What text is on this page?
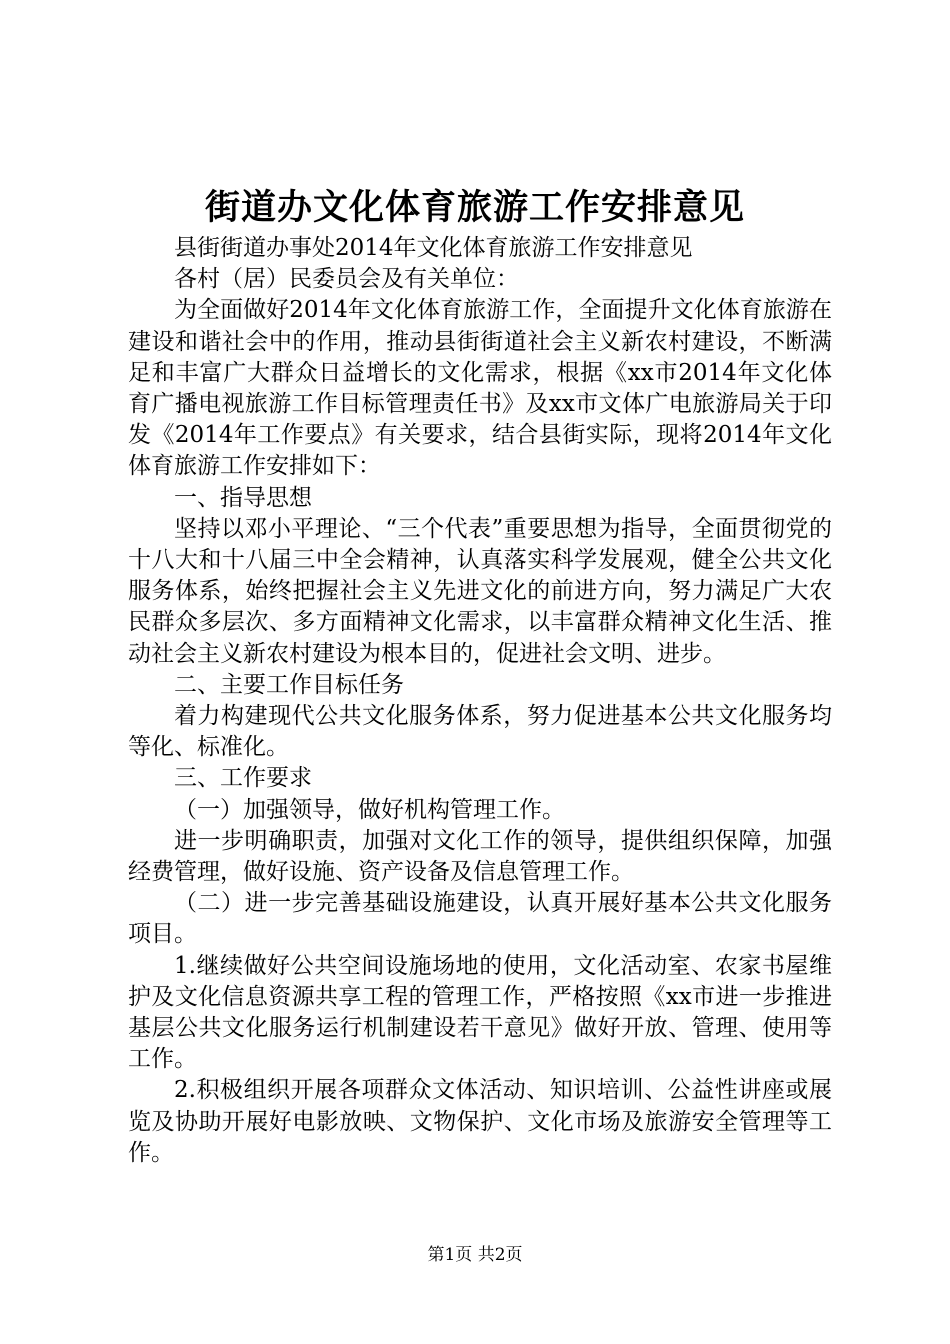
街道办文化体育旅游工作安排意见

县街街道办事处2014年文化体育旅游工作安排意见

各村（居）民委员会及有关单位：

为全面做好2014年文化体育旅游工作，全面提升文化体育旅游在建设和谐社会中的作用，推动县街街道社会主义新农村建设，不断满足和丰富广大群众日益增长的文化需求，根据《xx市2014年文化体育广播电视旅游工作目标管理责任书》及xx市文体广电旅游局关于印发《2014年工作要点》有关要求，结合县街实际，现将2014年文化体育旅游工作安排如下：

一、指导思想

坚持以邓小平理论、“三个代表”重要思想为指导，全面贯彻党的十八大和十八届三中全会精神，认真落实科学发展观，健全公共文化服务体系，始终把握社会主义先进文化的前进方向，努力满足广大农民群众多层次、多方面精神文化需求，以丰富群众精神文化生活、推动社会主义新农村建设为根本目的，促进社会文明、进步。

二、主要工作目标任务

着力构建现代公共文化服务体系，努力促进基本公共文化服务均等化、标准化。

三、工作要求

（一）加强领导，做好机构管理工作。

进一步明确职责，加强对文化工作的领导，提供组织保障，加强经费管理，做好设施、资产设备及信息管理工作。

（二）进一步完善基础设施建设，认真开展好基本公共文化服务项目。

1.继续做好公共空间设施场地的使用，文化活动室、农家书屋维护及文化信息资源共享工程的管理工作，严格按照《xx市进一步推进基层公共文化服务运行机制建设若干意见》做好开放、管理、使用等工作。

2.积极组织开展各项群众文体活动、知识培训、公益性讲座或展览及协助开展好电影放映、文物保护、文化市场及旅游安全管理等工作。

第1页 共2页
